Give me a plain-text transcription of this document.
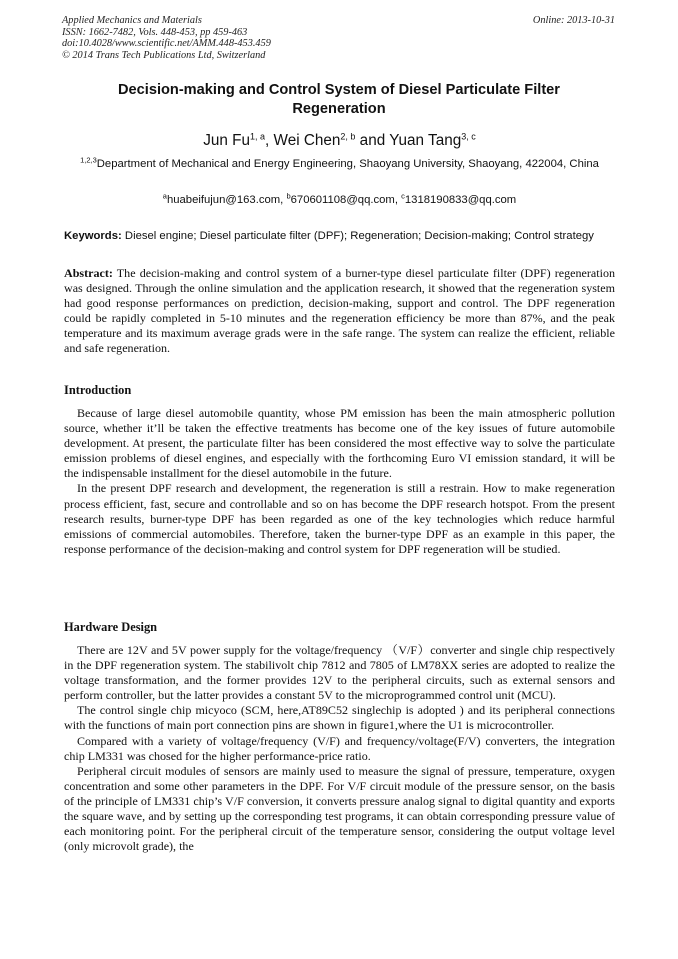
Applied Mechanics and Materials
ISSN: 1662-7482, Vols. 448-453, pp 459-463
doi:10.4028/www.scientific.net/AMM.448-453.459
© 2014 Trans Tech Publications Ltd, Switzerland
Online: 2013-10-31
Decision-making and Control System of Diesel Particulate Filter Regeneration
Jun Fu$^{1, a}$, Wei Chen$^{2, b}$ and Yuan Tang$^{3, c}$
$^{1,2,3}$Department of Mechanical and Energy Engineering, Shaoyang University, Shaoyang, 422004, China
$^a$huabeifujun@163.com, $^b$670601108@qq.com, $^c$1318190833@qq.com
Keywords: Diesel engine; Diesel particulate filter (DPF); Regeneration; Decision-making; Control strategy
Abstract: The decision-making and control system of a burner-type diesel particulate filter (DPF) regeneration was designed. Through the online simulation and the application research, it showed that the regeneration system had good response performances on prediction, decision-making, support and control. The DPF regeneration could be rapidly completed in 5-10 minutes and the regeneration efficiency be more than 87%, and the peak temperature and its maximum average grads were in the safe range. The system can realize the efficient, reliable and safe regeneration.
Introduction

Because of large diesel automobile quantity, whose PM emission has been the main atmospheric pollution source, whether it’ll be taken the effective treatments has become one of the key issues of future automobile development. At present, the particulate filter has been considered the most effective way to solve the particulate emission problems of diesel engines, and especially with the forthcoming Euro VI emission standard, it will be the indispensable installment for the diesel automobile in the future.

In the present DPF research and development, the regeneration is still a restrain. How to make regeneration process efficient, fast, secure and controllable and so on has become the DPF research hotspot. From the present research results, burner-type DPF has been regarded as one of the key technologies which reduce harmful emissions of commercial automobiles. Therefore, taken the burner-type DPF as an example in this paper, the response performance of the decision-making and control system for DPF regeneration will be studied.

Hardware Design

There are 12V and 5V power supply for the voltage/frequency （V/F）converter and single chip respectively in the DPF regeneration system. The stabilivolt chip 7812 and 7805 of LM78XX series are adopted to realize the voltage transformation, and the former provides 12V to the peripheral circuits, such as external sensors and perform controller, but the latter provides a constant 5V to the microprogrammed control unit (MCU).

The control single chip micyoco (SCM, here,AT89C52 singlechip is adopted ) and its peripheral connections with the functions of main port connection pins are shown in figure1,where the U1 is microcontroller.

Compared with a variety of voltage/frequency (V/F) and frequency/voltage(F/V) converters, the integration chip LM331 was chosed for the higher performance-price ratio.

Peripheral circuit modules of sensors are mainly used to measure the signal of pressure, temperature, oxygen concentration and some other parameters in the DPF. For V/F circuit module of the pressure sensor, on the basis of the principle of LM331 chip’s V/F conversion, it converts pressure analog signal to digital quantity and exports the square wave, and by setting up the corresponding test programs, it can obtain corresponding pressure value of each monitoring point. For the peripheral circuit of the temperature sensor, considering the output voltage level (only microvolt grade), the
